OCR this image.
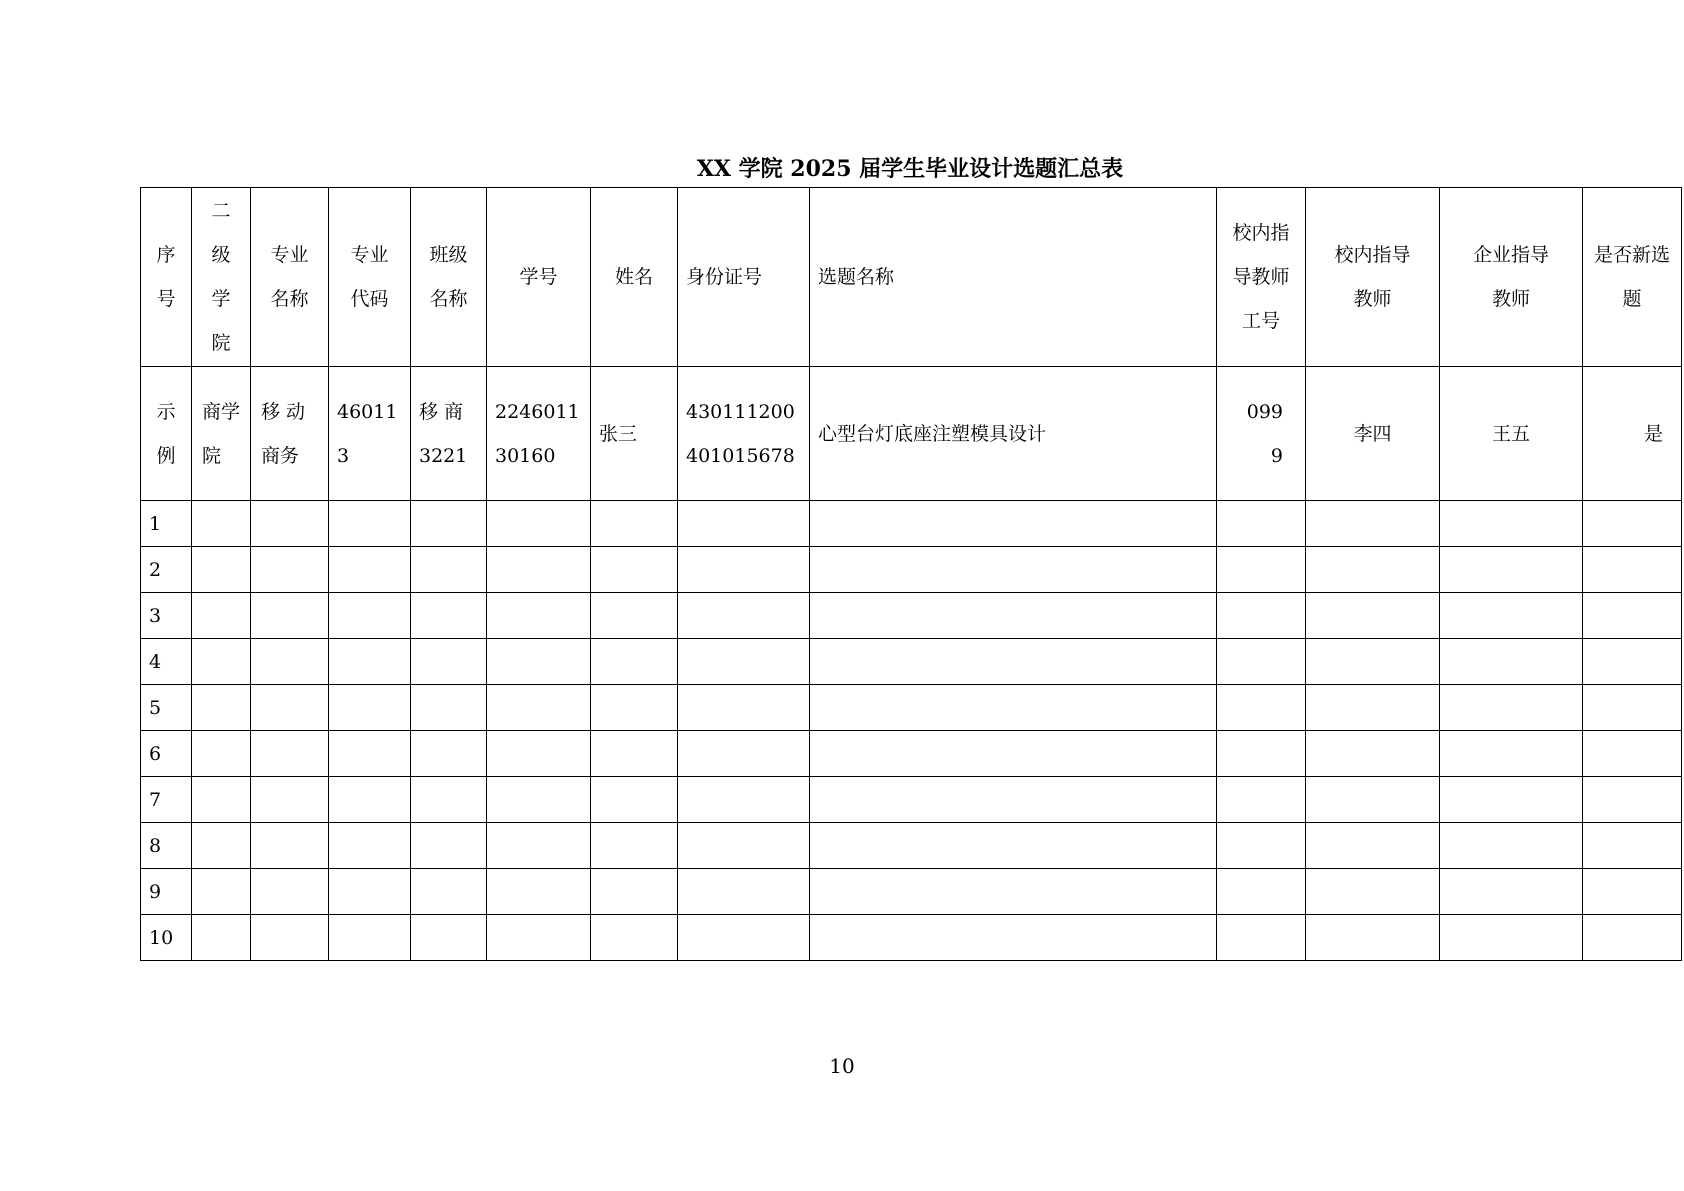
XX 学院 2025 届学生毕业设计选题汇总表
序号	二级学院	专业名称	专业代码	班级名称	学号	姓名	身份证号	选题名称	校内指导教师工号	校内指导教师	企业指导教师	是否新选题
示例	商学院	移 动 商务	460113	移 商 3221	224601130160	张三	430111200401015678	心型台灯底座注塑模具设计	0999	李四	王五	是
1												
2												
3												
4												
5												
6												
7												
8												
9												
10												
10
